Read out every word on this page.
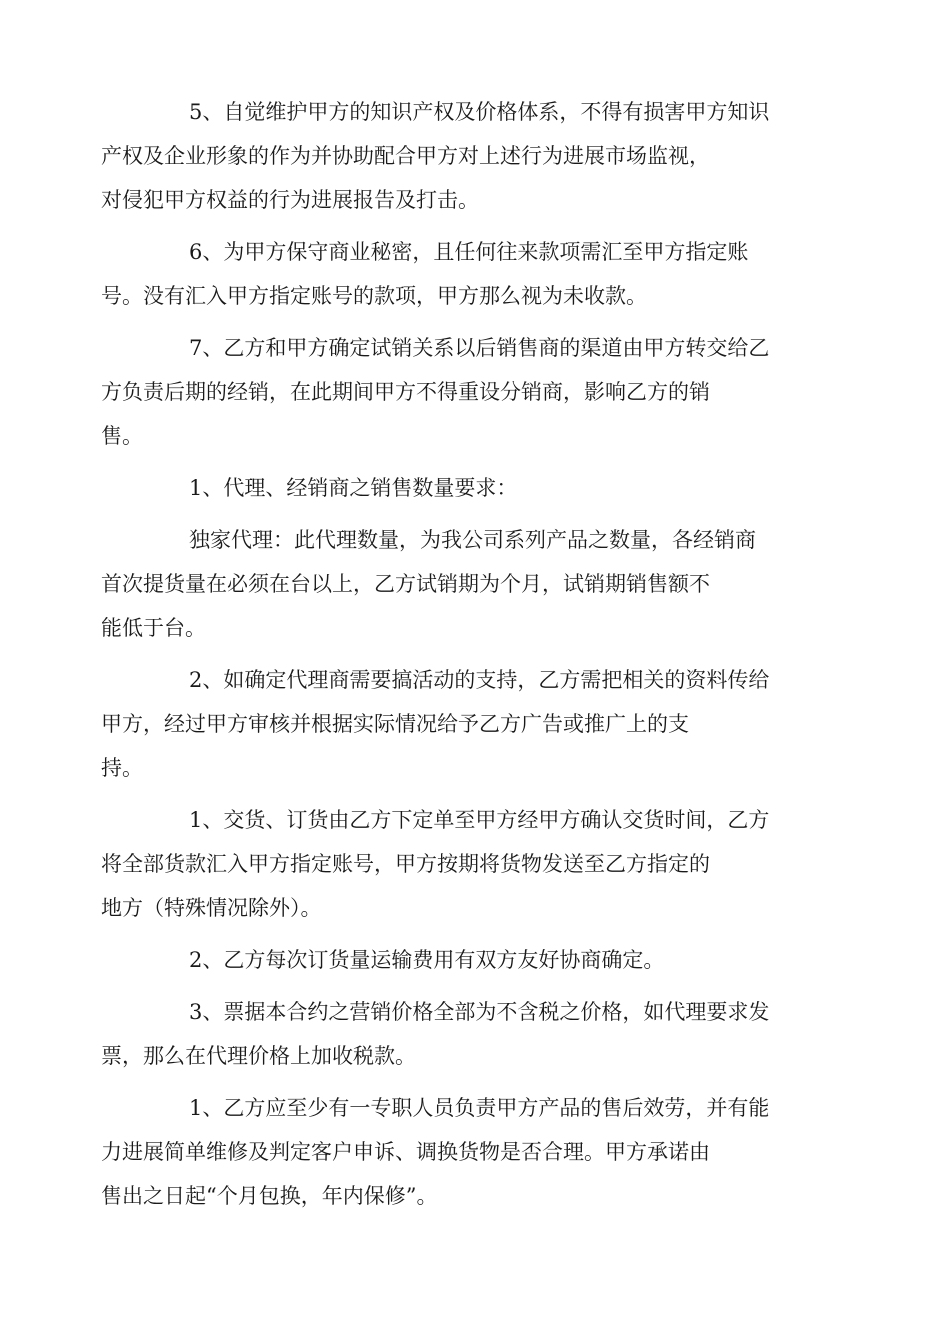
5、自觉维护甲方的知识产权及价格体系，不得有损害甲方知识
产权及企业形象的作为并协助配合甲方对上述行为进展市场监视，
对侵犯甲方权益的行为进展报告及打击。

6、为甲方保守商业秘密，且任何往来款项需汇至甲方指定账
号。没有汇入甲方指定账号的款项，甲方那么视为未收款。

7、乙方和甲方确定试销关系以后销售商的渠道由甲方转交给乙
方负责后期的经销，在此期间甲方不得重设分销商，影响乙方的销
售。

1、代理、经销商之销售数量要求：

独家代理：此代理数量，为我公司系列产品之数量，各经销商
首次提货量在必须在台以上，乙方试销期为个月，试销期销售额不
能低于台。

2、如确定代理商需要搞活动的支持，乙方需把相关的资料传给
甲方，经过甲方审核并根据实际情况给予乙方广告或推广上的支
持。

1、交货、订货由乙方下定单至甲方经甲方确认交货时间，乙方
将全部货款汇入甲方指定账号，甲方按期将货物发送至乙方指定的
地方（特殊情况除外）。

2、乙方每次订货量运输费用有双方友好协商确定。

3、票据本合约之营销价格全部为不含税之价格，如代理要求发
票，那么在代理价格上加收税款。

1、乙方应至少有一专职人员负责甲方产品的售后效劳，并有能
力进展简单维修及判定客户申诉、调换货物是否合理。甲方承诺由
售出之日起“个月包换，年内保修”。
